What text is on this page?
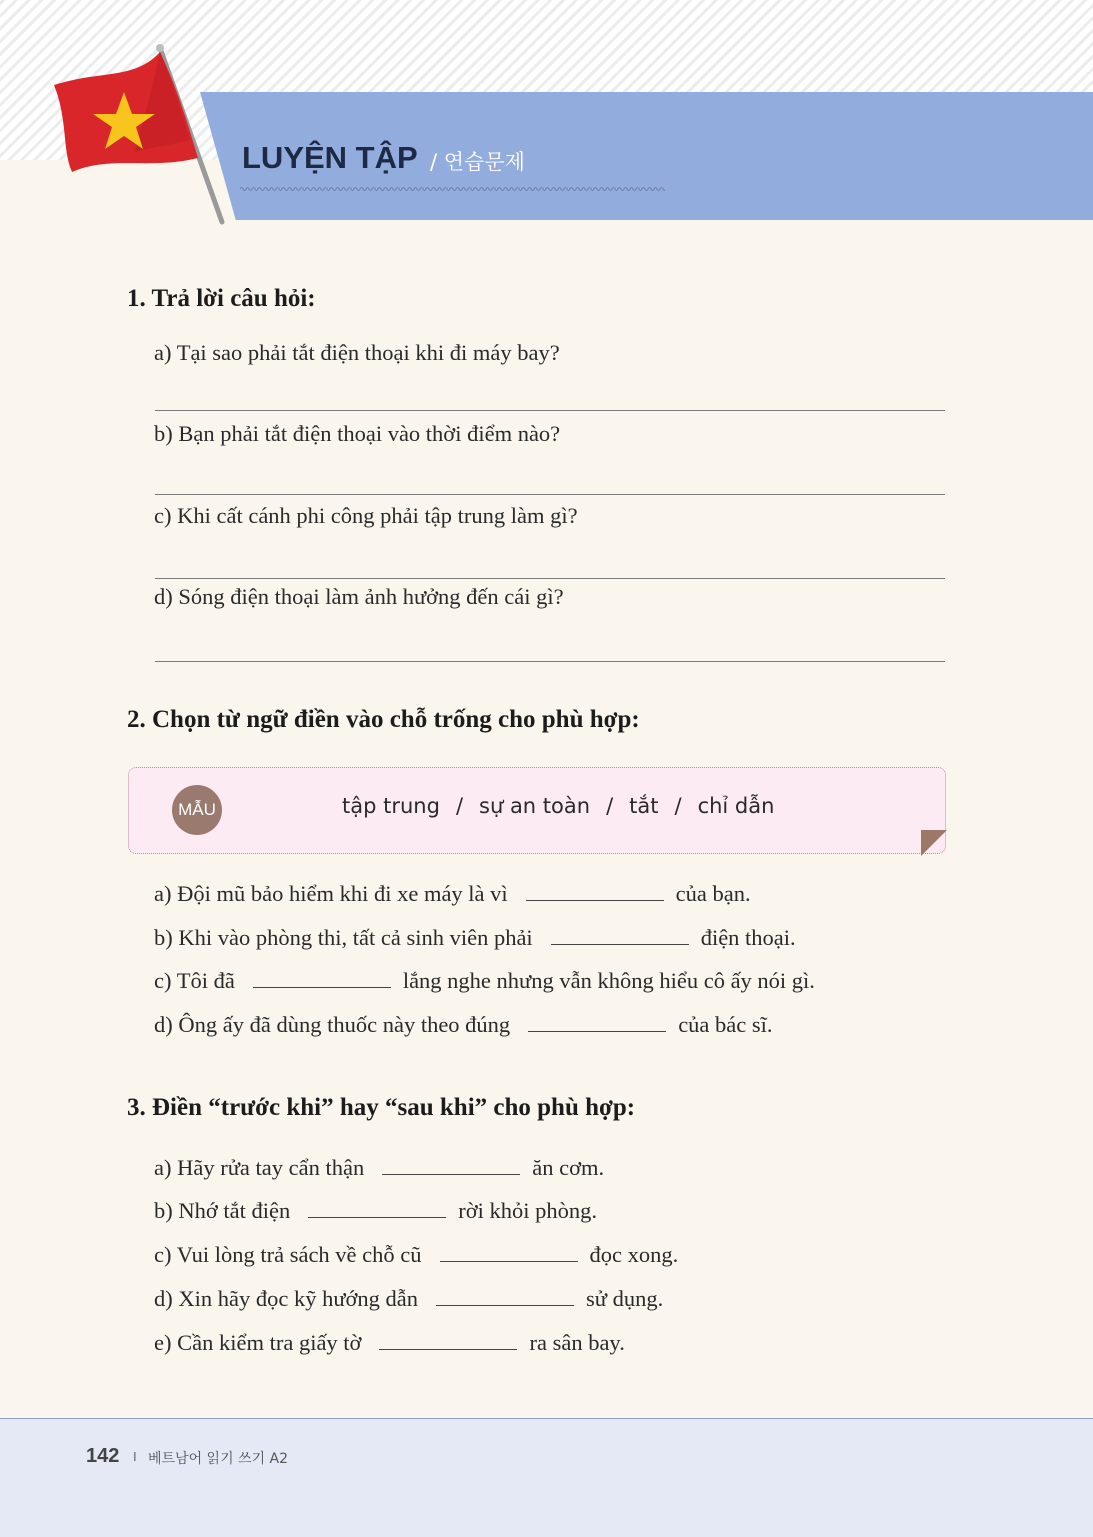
LUYỆN TẬP / 연습문제
1. Trả lời câu hỏi:
a) Tại sao phải tắt điện thoại khi đi máy bay?
b) Bạn phải tắt điện thoại vào thời điểm nào?
c) Khi cất cánh phi công phải tập trung làm gì?
d) Sóng điện thoại làm ảnh hưởng đến cái gì?
2. Chọn từ ngữ điền vào chỗ trống cho phù hợp:
MẪU	tập trung / sự an toàn / tắt / chỉ dẫn
a) Đội mũ bảo hiểm khi đi xe máy là vì	của bạn.
b) Khi vào phòng thi, tất cả sinh viên phải	điện thoại.
c) Tôi đã	lắng nghe nhưng vẫn không hiểu cô ấy nói gì.
d) Ông ấy đã dùng thuốc này theo đúng	của bác sĩ.
3. Điền “trước khi” hay “sau khi” cho phù hợp:
a) Hãy rửa tay cẩn thận	ăn cơm.
b) Nhớ tắt điện	rời khỏi phòng.
c) Vui lòng trả sách về chỗ cũ	đọc xong.
d) Xin hãy đọc kỹ hướng dẫn	sử dụng.
e) Cần kiểm tra giấy tờ	ra sân bay.
142 I 베트남어 읽기 쓰기 A2
